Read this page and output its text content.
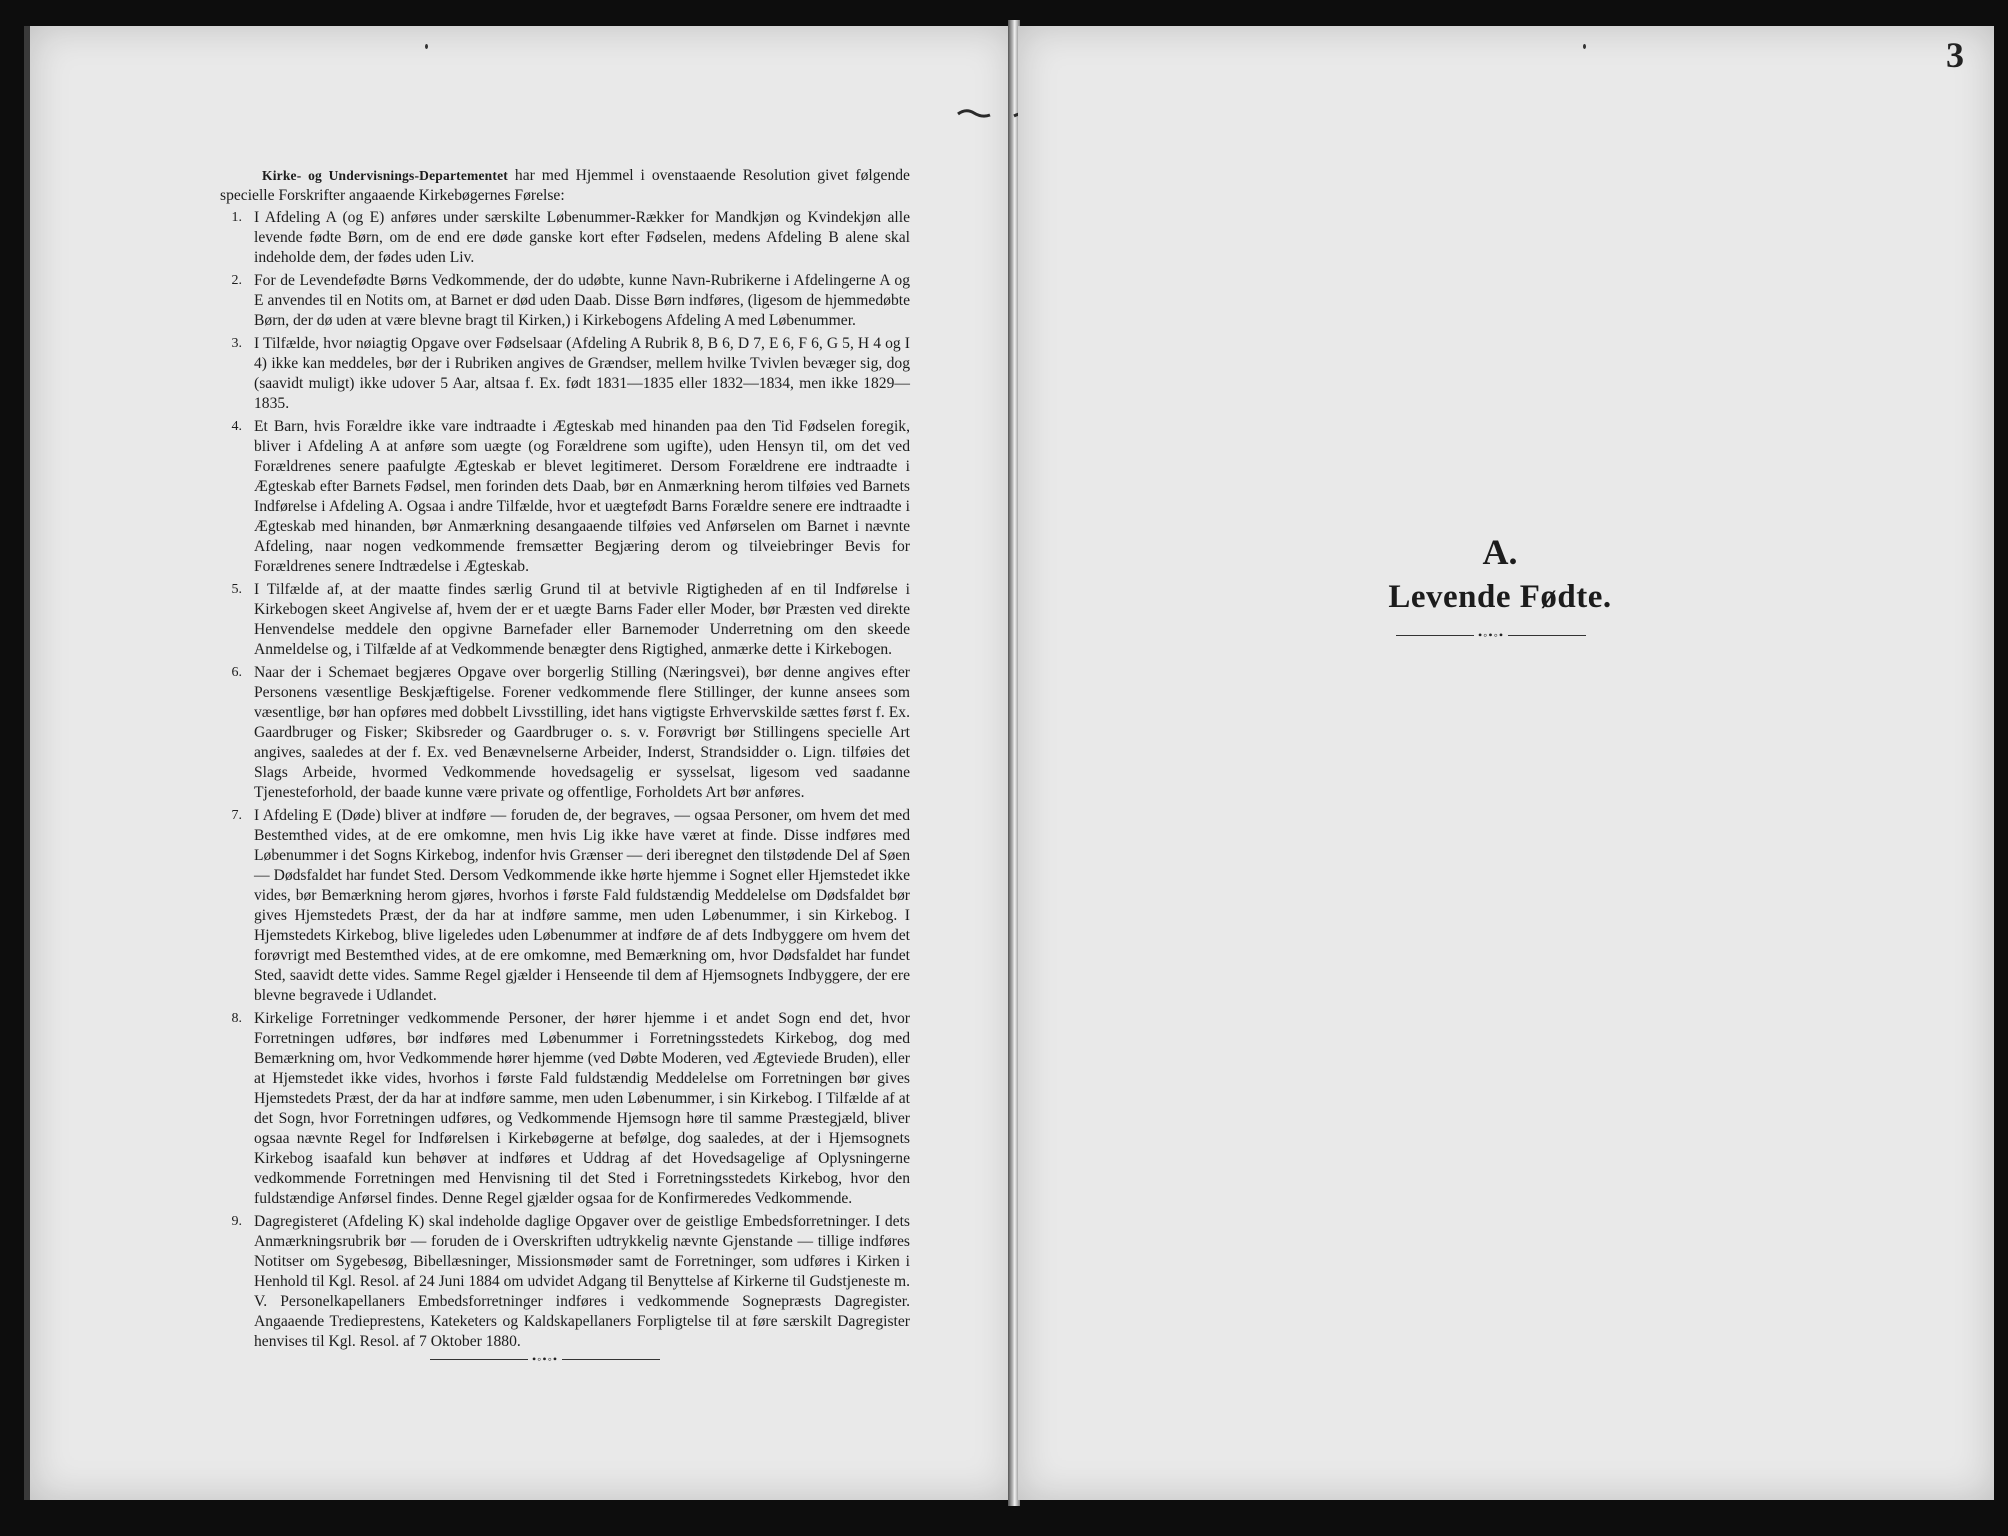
Kirke- og Undervisnings-Departementet har med Hjemmel i ovenstaaende Resolution givet følgende specielle Forskrifter angaaende Kirkebøgernes Førelse:

1. I Afdeling A (og E) anføres under særskilte Løbenummer-Rækker for Mandkjøn og Kvindekjøn alle levende fødte Børn, om de end ere døde ganske kort efter Fødselen, medens Afdeling B alene skal indeholde dem, der fødes uden Liv.

2. For de Levendefødte Børns Vedkommende, der do udøbte, kunne Navn-Rubrikerne i Afdelingerne A og E anvendes til en Notits om, at Barnet er død uden Daab. Disse Børn indføres, (ligesom de hjemmedøbte Børn, der dø uden at være blevne bragt til Kirken,) i Kirkebogens Afdeling A med Løbenummer.

3. I Tilfælde, hvor nøiagtig Opgave over Fødselsaar (Afdeling A Rubrik 8, B 6, D 7, E 6, F 6, G 5, H 4 og I 4) ikke kan meddeles, bør der i Rubriken angives de Grændser, mellem hvilke Tvivlen bevæger sig, dog (saavidt muligt) ikke udover 5 Aar, altsaa f. Ex. født 1831—1835 eller 1832—1834, men ikke 1829—1835.

4. Et Barn, hvis Forældre ikke vare indtraadte i Ægteskab med hinanden paa den Tid Fødselen foregik, bliver i Afdeling A at anføre som uægte (og Forældrene som ugifte), uden Hensyn til, om det ved Forældrenes senere paafulgte Ægteskab er blevet legitimeret. Dersom Forældrene ere indtraadte i Ægteskab efter Barnets Fødsel, men forinden dets Daab, bør en Anmærkning herom tilføies ved Barnets Indførelse i Afdeling A. Ogsaa i andre Tilfælde, hvor et uægtefødt Barns Forældre senere ere indtraadte i Ægteskab med hinanden, bør Anmærkning desangaaende tilføies ved Anførselen om Barnet i nævnte Afdeling, naar nogen vedkommende fremsætter Begjæring derom og tilveiebringer Bevis for Forældrenes senere Indtrædelse i Ægteskab.

5. I Tilfælde af, at der maatte findes særlig Grund til at betvivle Rigtigheden af en til Indførelse i Kirkebogen skeet Angivelse af, hvem der er et uægte Barns Fader eller Moder, bør Præsten ved direkte Henvendelse meddele den opgivne Barnefader eller Barnemoder Underretning om den skeede Anmeldelse og, i Tilfælde af at Vedkommende benægter dens Rigtighed, anmærke dette i Kirkebogen.

6. Naar der i Schemaet begjæres Opgave over borgerlig Stilling (Næringsvei), bør denne angives efter Personens væsentlige Beskjæftigelse. Forener vedkommende flere Stillinger, der kunne ansees som væsentlige, bør han opføres med dobbelt Livsstilling, idet hans vigtigste Erhvervskilde sættes først f. Ex. Gaardbruger og Fisker; Skibsreder og Gaardbruger o. s. v. Forøvrigt bør Stillingens specielle Art angives, saaledes at der f. Ex. ved Benævnelserne Arbeider, Inderst, Strandsidder o. Lign. tilføies det Slags Arbeide, hvormed Vedkommende hovedsagelig er sysselsat, ligesom ved saadanne Tjenesteforhold, der baade kunne være private og offentlige, Forholdets Art bør anføres.

7. I Afdeling E (Døde) bliver at indføre — foruden de, der begraves, — ogsaa Personer, om hvem det med Bestemthed vides, at de ere omkomne, men hvis Lig ikke have været at finde. Disse indføres med Løbenummer i det Sogns Kirkebog, indenfor hvis Grænser — deri iberegnet den tilstødende Del af Søen — Dødsfaldet har fundet Sted. Dersom Vedkommende ikke hørte hjemme i Sognet eller Hjemstedet ikke vides, bør Bemærkning herom gjøres, hvorhos i første Fald fuldstændig Meddelelse om Dødsfaldet bør gives Hjemstedets Præst, der da har at indføre samme, men uden Løbenummer, i sin Kirkebog. I Hjemstedets Kirkebog, blive ligeledes uden Løbenummer at indføre de af dets Indbyggere om hvem det forøvrigt med Bestemthed vides, at de ere omkomne, med Bemærkning om, hvor Dødsfaldet har fundet Sted, saavidt dette vides. Samme Regel gjælder i Henseende til dem af Hjemsognets Indbyggere, der ere blevne begravede i Udlandet.

8. Kirkelige Forretninger vedkommende Personer, der hører hjemme i et andet Sogn end det, hvor Forretningen udføres, bør indføres med Løbenummer i Forretningsstedets Kirkebog, dog med Bemærkning om, hvor Vedkommende hører hjemme (ved Døbte Moderen, ved Ægteviede Bruden), eller at Hjemstedet ikke vides, hvorhos i første Fald fuldstændig Meddelelse om Forretningen bør gives Hjemstedets Præst, der da har at indføre samme, men uden Løbenummer, i sin Kirkebog. I Tilfælde af at det Sogn, hvor Forretningen udføres, og Vedkommende Hjemsogn høre til samme Præstegjæld, bliver ogsaa nævnte Regel for Indførelsen i Kirkebøgerne at befølge, dog saaledes, at der i Hjemsognets Kirkebog isaafald kun behøver at indføres et Uddrag af det Hovedsagelige af Oplysningerne vedkommende Forretningen med Henvisning til det Sted i Forretningsstedets Kirkebog, hvor den fuldstændige Anførsel findes. Denne Regel gjælder ogsaa for de Konfirmeredes Vedkommende.

9. Dagregisteret (Afdeling K) skal indeholde daglige Opgaver over de geistlige Embedsforretninger. I dets Anmærkningsrubrik bør — foruden de i Overskriften udtrykkelig nævnte Gjenstande — tillige indføres Notitser om Sygebesøg, Bibellæsninger, Missionsmøder samt de Forretninger, som udføres i Kirken i Henhold til Kgl. Resol. af 24 Juni 1884 om udvidet Adgang til Benyttelse af Kirkerne til Gudstjeneste m. V. Personelkapellaners Embedsforretninger indføres i vedkommende Sognepræsts Dagregister. Angaaende Tredieprestens, Kateketers og Kaldskapellaners Forpligtelse til at føre særskilt Dagregister henvises til Kgl. Resol. af 7 Oktober 1880.

•◦•◦•
3
A.
Levende Fødte.
•◦•◦•
